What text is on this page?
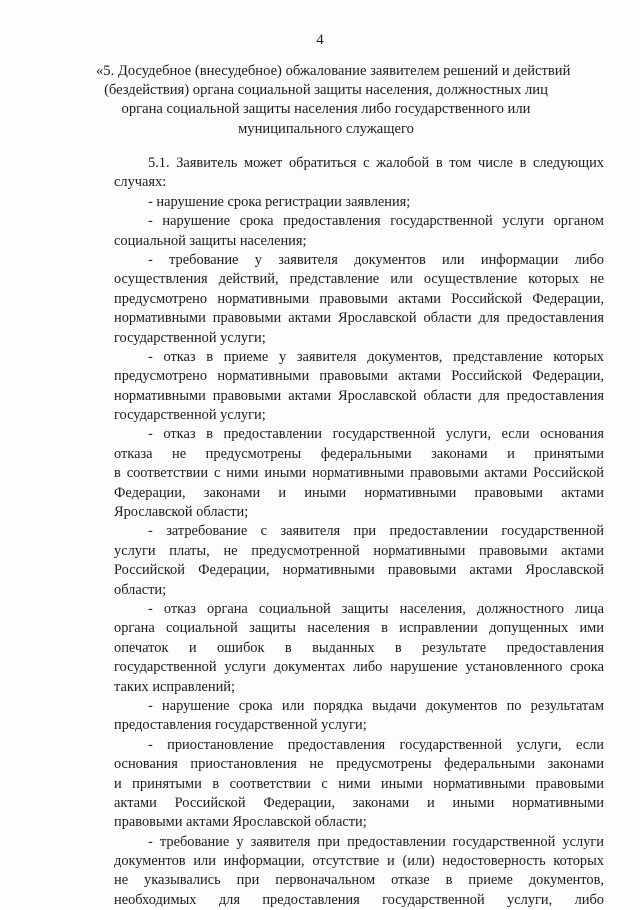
4
«5. Досудебное (внесудебное) обжалование заявителем решений и действий
(бездействия) органа социальной защиты населения, должностных лиц
органа социальной защиты населения либо государственного или
муниципального служащего
5.1. Заявитель может обратиться с жалобой в том числе в следующих
случаях:
- нарушение срока регистрации заявления;
- нарушение срока предоставления государственной услуги органом
социальной защиты населения;
- требование у заявителя документов или информации либо
осуществления действий, представление или осуществление которых не
предусмотрено нормативными правовыми актами Российской Федерации,
нормативными правовыми актами Ярославской области для предоставления
государственной услуги;
- отказ в приеме у заявителя документов, представление которых
предусмотрено нормативными правовыми актами Российской Федерации,
нормативными правовыми актами Ярославской области для предоставления
государственной услуги;
- отказ в предоставлении государственной услуги, если основания
отказа не предусмотрены федеральными законами и принятыми
в соответствии с ними иными нормативными правовыми актами Российской
Федерации, законами и иными нормативными правовыми актами
Ярославской области;
- затребование с заявителя при предоставлении государственной
услуги платы, не предусмотренной нормативными правовыми актами
Российской Федерации, нормативными правовыми актами Ярославской
области;
- отказ органа социальной защиты населения, должностного лица
органа социальной защиты населения в исправлении допущенных ими
опечаток и ошибок в выданных в результате предоставления
государственной услуги документах либо нарушение установленного срока
таких исправлений;
- нарушение срока или порядка выдачи документов по результатам
предоставления государственной услуги;
- приостановление предоставления государственной услуги, если
основания приостановления не предусмотрены федеральными законами
и принятыми в соответствии с ними иными нормативными правовыми
актами Российской Федерации, законами и иными нормативными
правовыми актами Ярославской области;
- требование у заявителя при предоставлении государственной услуги
документов или информации, отсутствие и (или) недостоверность которых
не указывались при первоначальном отказе в приеме документов,
необходимых для предоставления государственной услуги, либо
